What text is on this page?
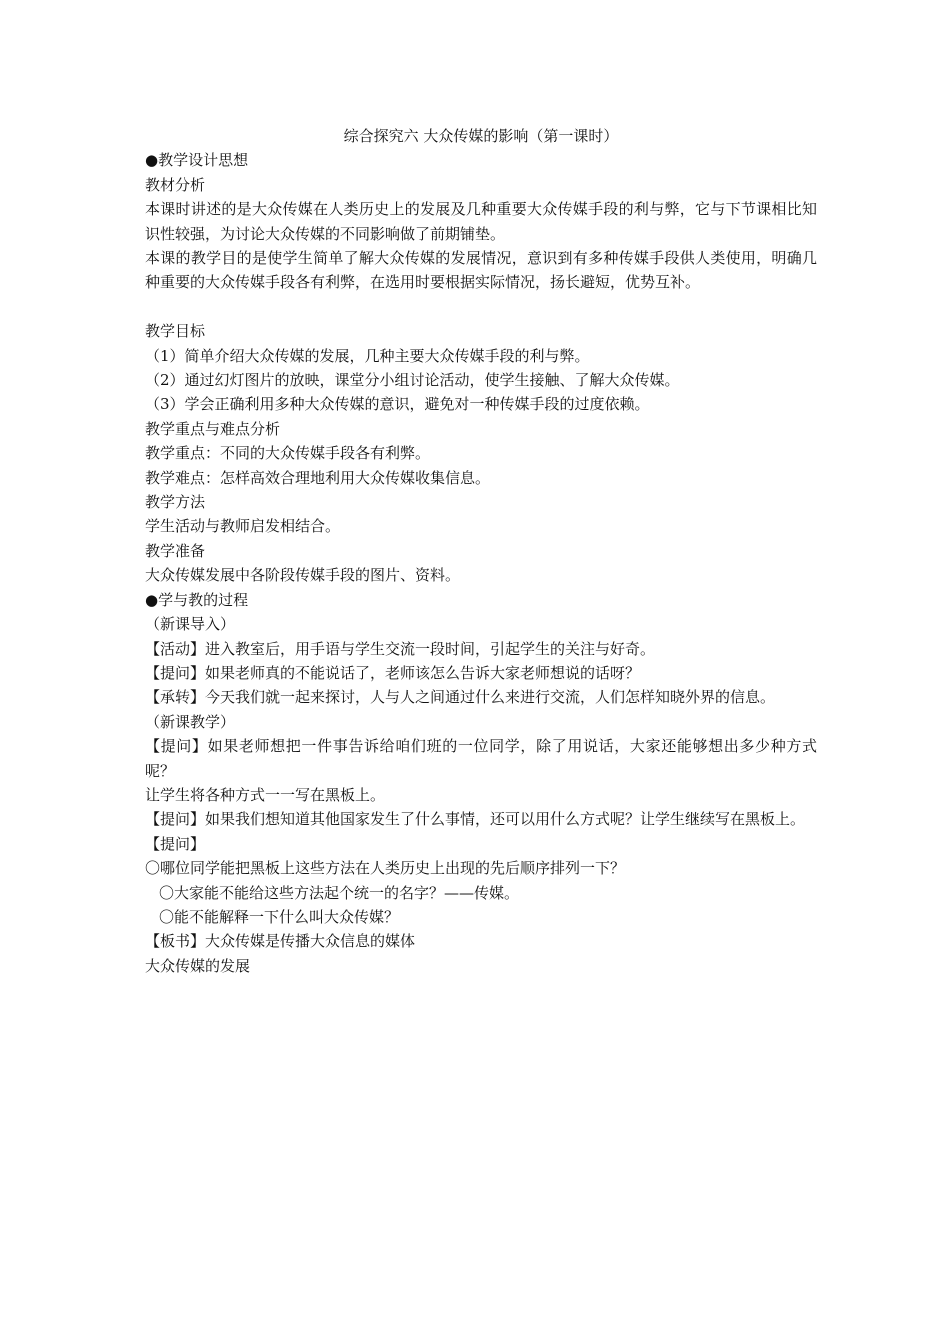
综合探究六 大众传媒的影响（第一课时）

●教学设计思想

教材分析

本课时讲述的是大众传媒在人类历史上的发展及几种重要大众传媒手段的利与弊，它与下节课相比知识性较强，为讨论大众传媒的不同影响做了前期铺垫。

本课的教学目的是使学生简单了解大众传媒的发展情况，意识到有多种传媒手段供人类使用，明确几种重要的大众传媒手段各有利弊，在选用时要根据实际情况，扬长避短，优势互补。

教学目标

（1）简单介绍大众传媒的发展，几种主要大众传媒手段的利与弊。

（2）通过幻灯图片的放映，课堂分小组讨论活动，使学生接触、了解大众传媒。

（3）学会正确利用多种大众传媒的意识，避免对一种传媒手段的过度依赖。

教学重点与难点分析

教学重点：不同的大众传媒手段各有利弊。

教学难点：怎样高效合理地利用大众传媒收集信息。

教学方法

学生活动与教师启发相结合。

教学准备

大众传媒发展中各阶段传媒手段的图片、资料。

●学与教的过程

（新课导入）

【活动】进入教室后，用手语与学生交流一段时间，引起学生的关注与好奇。

【提问】如果老师真的不能说话了，老师该怎么告诉大家老师想说的话呀？

【承转】今天我们就一起来探讨，人与人之间通过什么来进行交流，人们怎样知晓外界的信息。

（新课教学）

【提问】如果老师想把一件事告诉给咱们班的一位同学，除了用说话，大家还能够想出多少种方式呢？

让学生将各种方式一一写在黑板上。

【提问】如果我们想知道其他国家发生了什么事情，还可以用什么方式呢？让学生继续写在黑板上。

【提问】

〇哪位同学能把黑板上这些方法在人类历史上出现的先后顺序排列一下？

〇大家能不能给这些方法起个统一的名字？——传媒。

〇能不能解释一下什么叫大众传媒？

【板书】大众传媒是传播大众信息的媒体

大众传媒的发展
